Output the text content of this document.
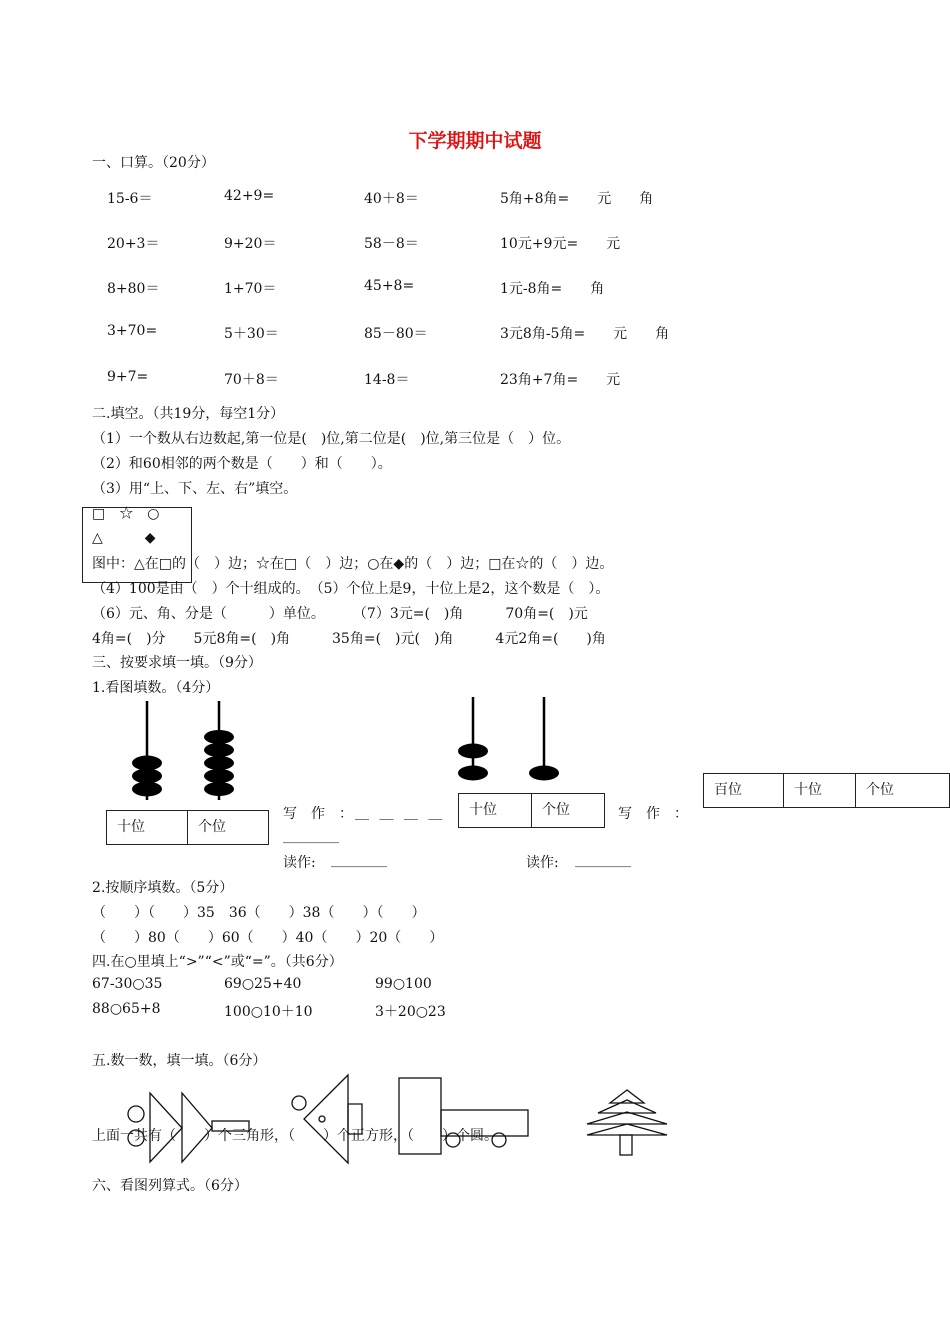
下学期期中试题
一、口算。（20分）
15-6＝	42+9=	40＋8＝	5角+8角=　　元　　角
20+3＝	9+20＝	58－8＝	10元+9元=　　元
8+80＝	1+70＝	45+8=	1元-8角=　　角
3+70=	5＋30＝	85－80＝	3元8角-5角=　　元　　角
9+7=	70＋8＝	14-8＝	23角+7角=　　元
二.填空。（共19分，每空1分）
（1）一个数从右边数起,第一位是(　)位,第二位是(　)位,第三位是（　）位。
（2）和60相邻的两个数是（　　）和（　　）。
（3）用“上、下、左、右”填空。
□　☆　○
△　　　◆
图中：△在□的（　）边；☆在□（　）边；○在◆的（　）边；□在☆的（　）边。
（4）100是由（　）个十组成的。　（5）个位上是9，十位上是2，这个数是（　）。
（6）元、角、分是（　　　）单位。　　　（7）3元=(　)角　　　70角=(　)元
4角=(　)分　　5元8角=(　)角　　　35角=(　)元(　)角　　　4元2角=(　　)角
三、按要求填一填。（9分）
1.看图填数。（4分）
十位	个位
写　作　： ＿ ＿ ＿ ＿
________
读作: ________
十位	个位	写　作　：
读作: ________
百位	十位	个位
2.按顺序填数。（5分）
（　　）（　　）35　36（　　）38（　　）（　　）
（　　）80（　　）60（　　）40（　　）20（　　）
四.在○里填上“>”“<”或“=”。（共6分）
67-30○35	69○25+40	99○100
88○65+8	100○10＋10	3＋20○23
五.数一数，填一填。（6分）
上面一共有（　　）个三角形，（　　）个正方形，（　　）个圆。
六、看图列算式。（6分）
